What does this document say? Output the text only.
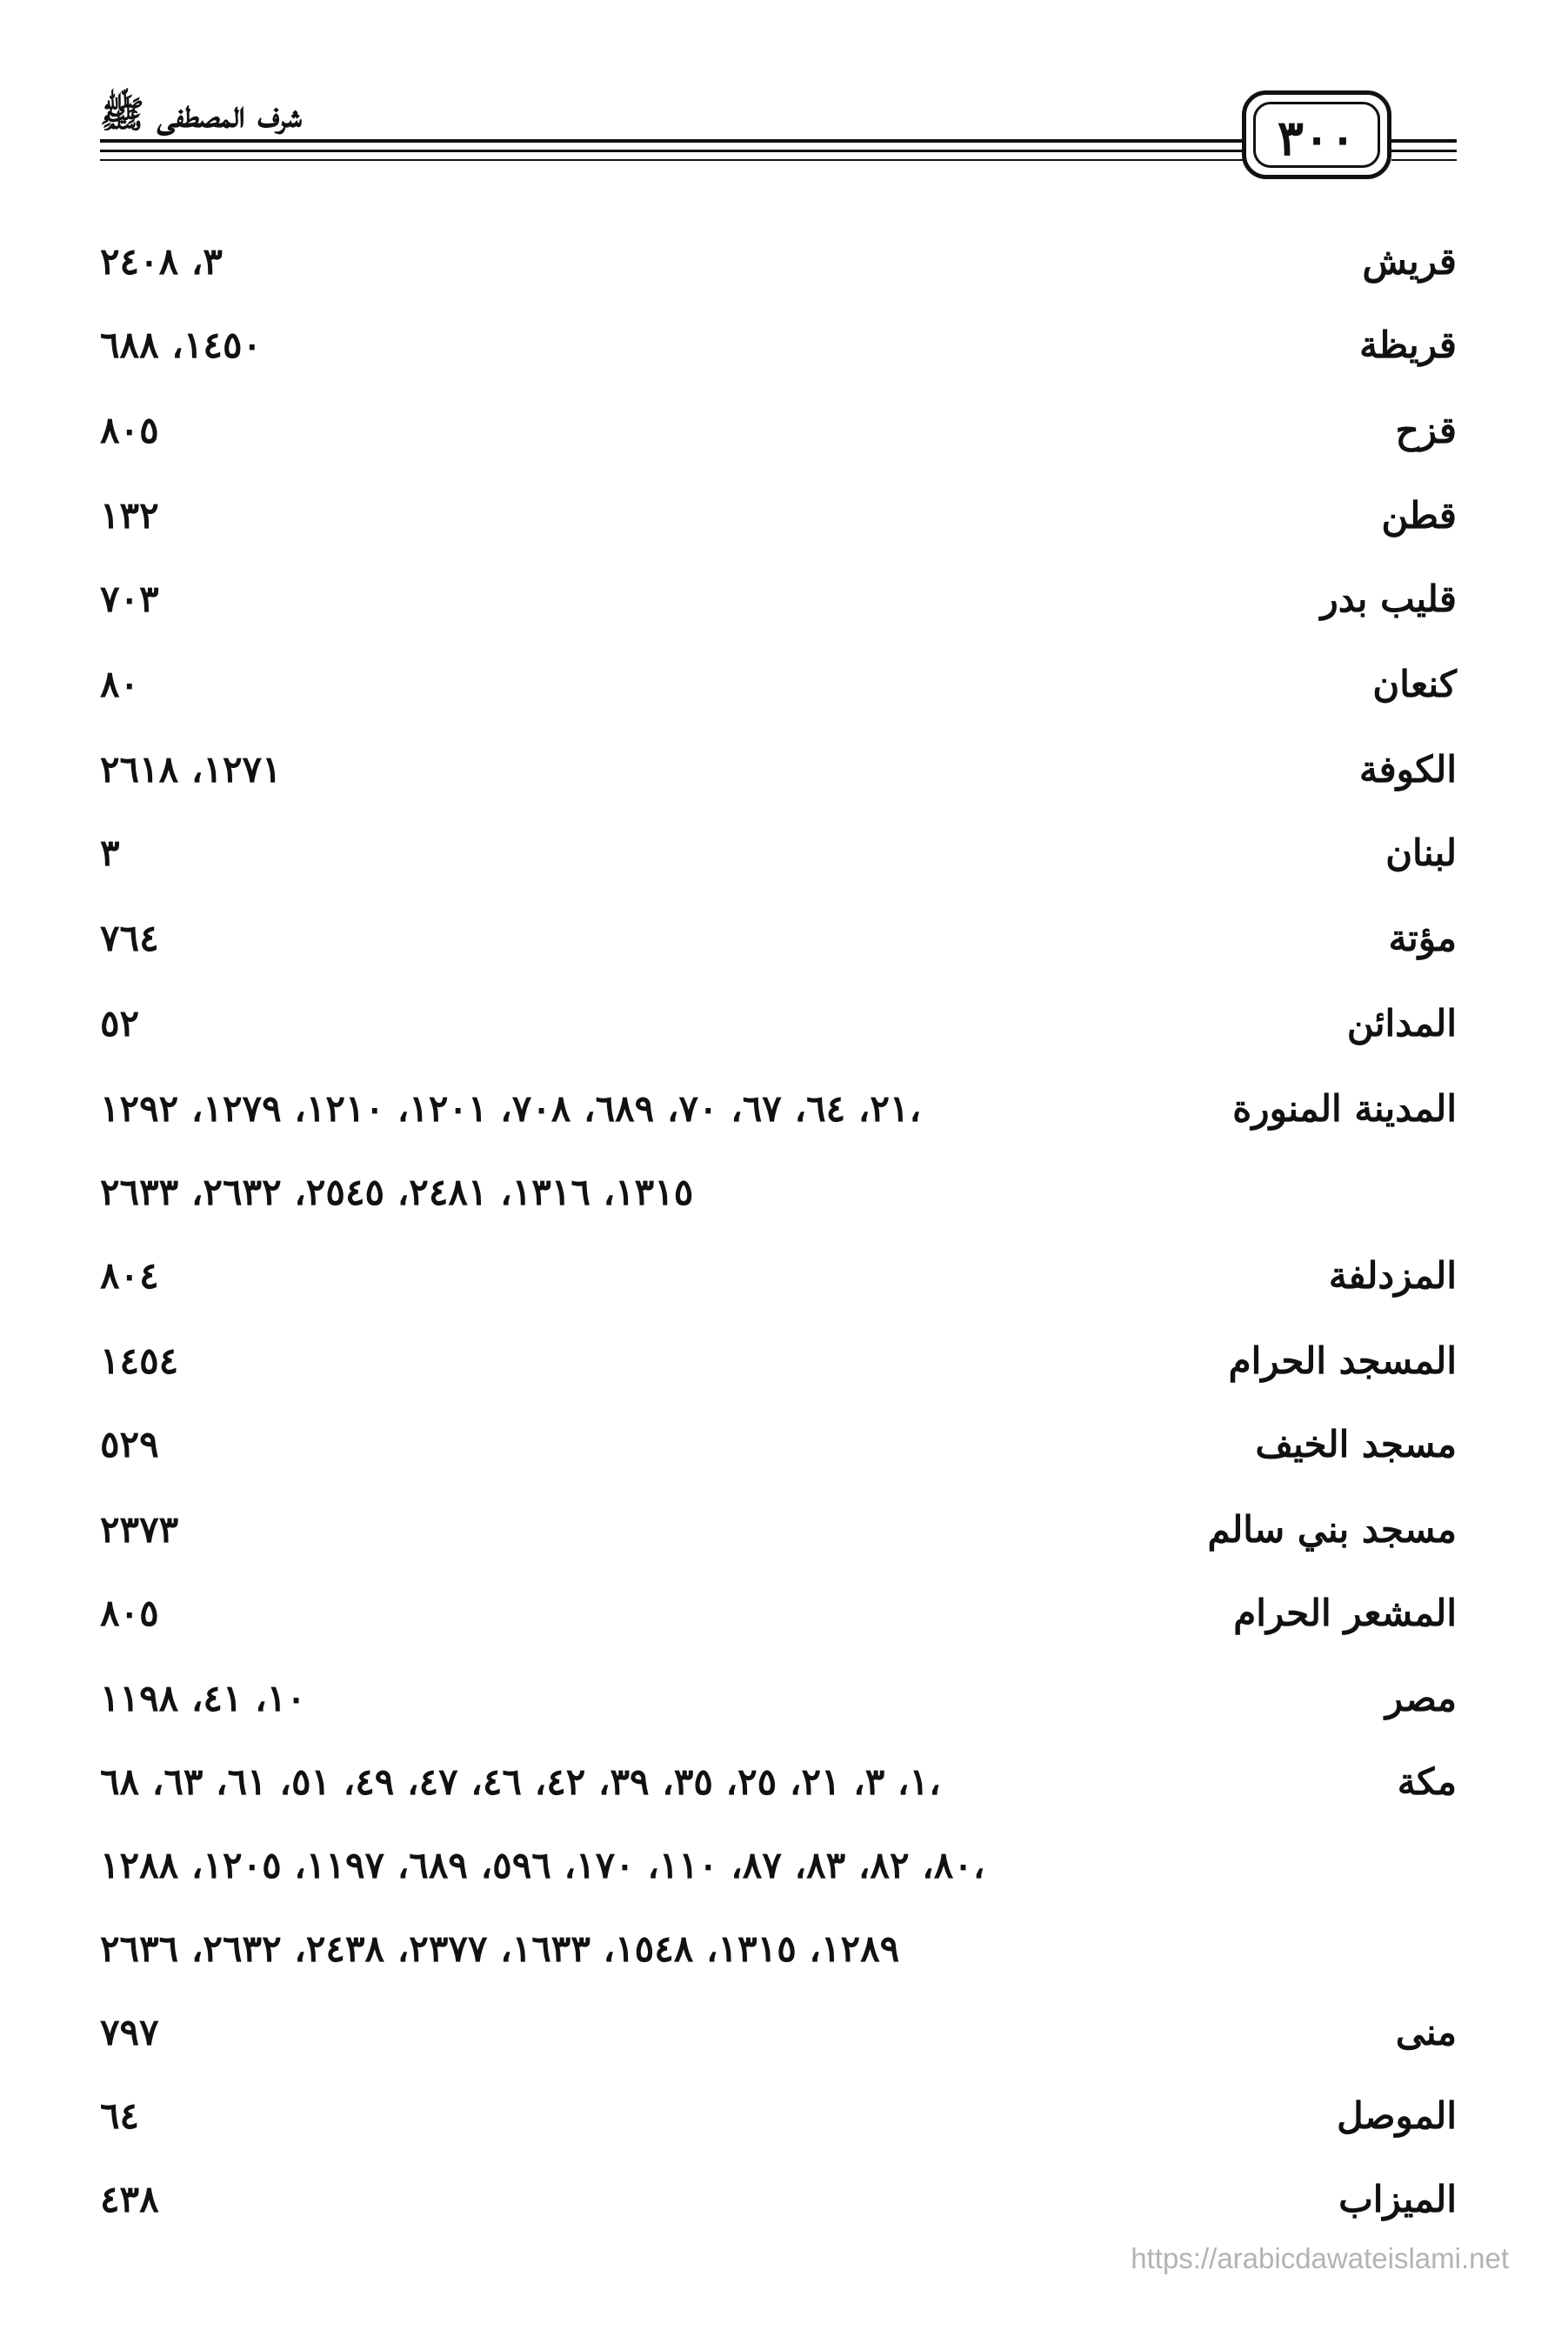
٣٠٠
شرف المصطفى ﷺ
قريش
٣، ٢٤٠٨
قريظة
١٤٥٠، ٦٨٨
قزح
٨٠٥
قطن
١٣٢
قليب بدر
٧٠٣
كنعان
٨٠
الكوفة
١٢٧١، ٢٦١٨
لبنان
٣
مؤتة
٧٦٤
المدائن
٥٢
المدينة المنورة
٢١، ٦٤، ٦٧، ٧٠، ٦٨٩، ٧٠٨، ١٢٠١، ١٢١٠، ١٢٧٩، ١٢٩٢،
١٣١٥، ١٣١٦، ٢٤٨١، ٢٥٤٥، ٢٦٣٢، ٢٦٣٣
المزدلفة
٨٠٤
المسجد الحرام
١٤٥٤
مسجد الخيف
٥٢٩
مسجد بني سالم
٢٣٧٣
المشعر الحرام
٨٠٥
مصر
١٠، ٤١، ١١٩٨
مكة
١، ٣، ٢١، ٢٥، ٣٥، ٣٩، ٤٢، ٤٦، ٤٧، ٤٩، ٥١، ٦١، ٦٣، ٦٨،
٨٠، ٨٢، ٨٣، ٨٧، ١١٠، ١٧٠، ٥٩٦، ٦٨٩، ١١٩٧، ١٢٠٥، ١٢٨٨،
١٢٨٩، ١٣١٥، ١٥٤٨، ١٦٣٣، ٢٣٧٧، ٢٤٣٨، ٢٦٣٢، ٢٦٣٦
منى
٧٩٧
الموصل
٦٤
الميزاب
٤٣٨
https://arabicdawateislami.net
